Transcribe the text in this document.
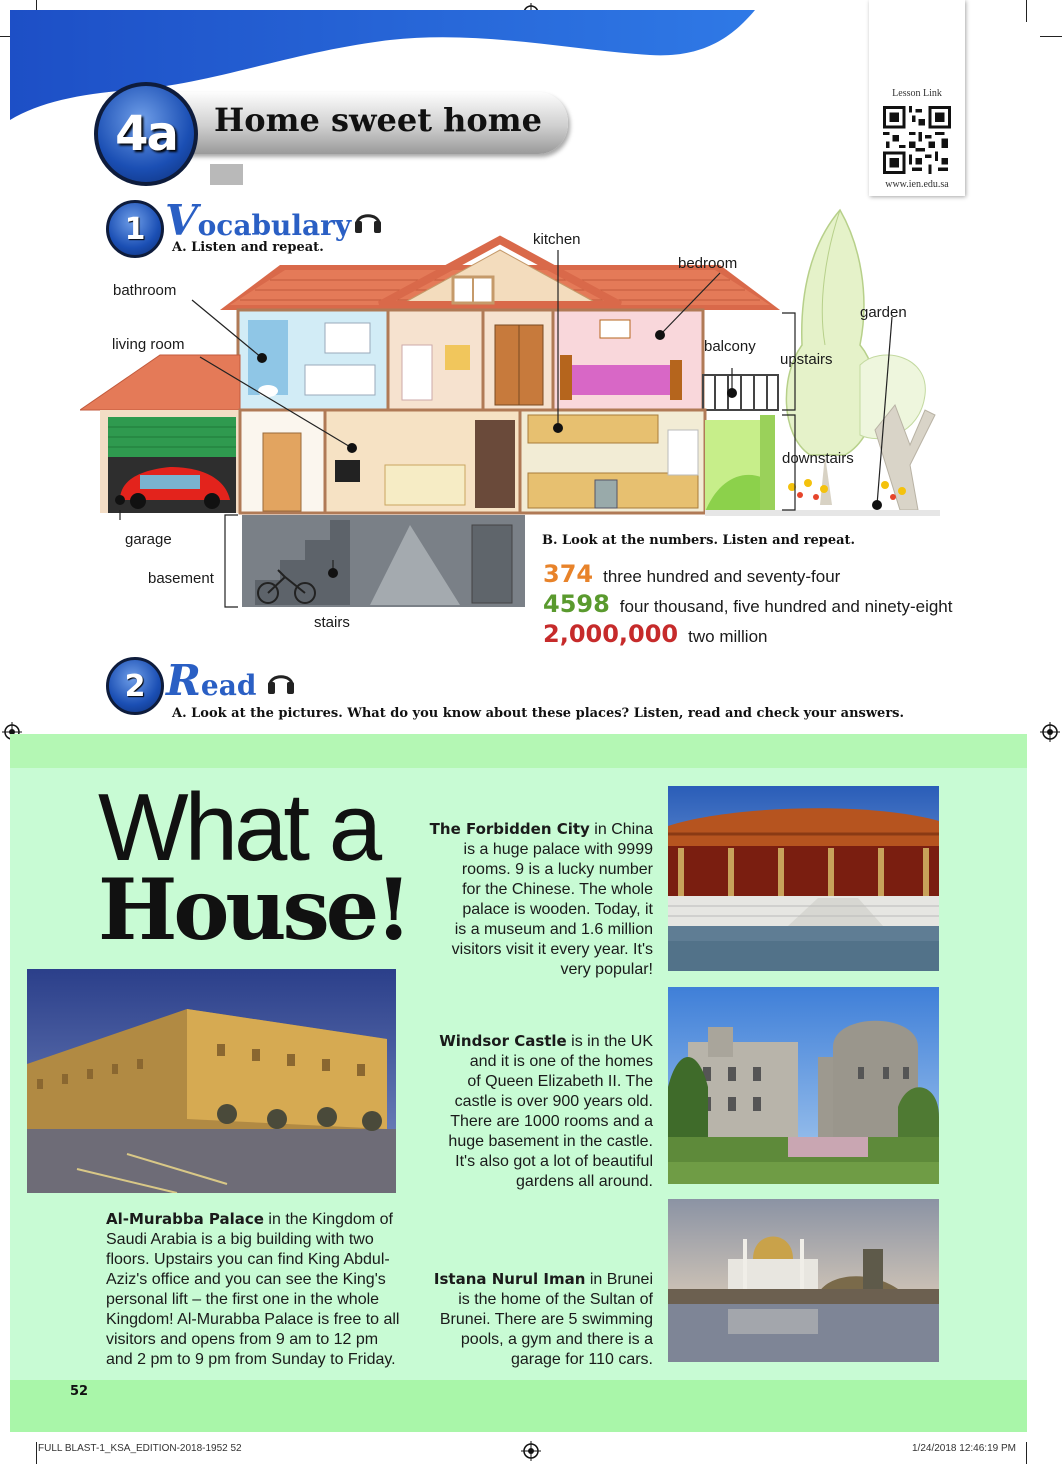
4a Home sweet home
Lesson Link
www.ien.edu.sa
1 Vocabulary
A. Listen and repeat.	kitchen
bedroom
bathroom
garden
living room	balcony
upstairs
downstairs
garage
basement
stairs
B. Look at the numbers. Listen and repeat.
374 three hundred and seventy-four
4598 four thousand, five hundred and ninety-eight
2,000,000 two million
2 Read
A. Look at the pictures. What do you know about these places? Listen, read and check your answers.
What a
House!
The Forbidden City in China
is a huge palace with 9999
rooms. 9 is a lucky number
for the Chinese. The whole
palace is wooden. Today, it
is a museum and 1.6 million
visitors visit it every year. It's
very popular!
Windsor Castle is in the UK
and it is one of the homes
of Queen Elizabeth II. The
castle is over 900 years old.
There are 1000 rooms and a
huge basement in the castle.
It's also got a lot of beautiful
gardens all around.
Al-Murabba Palace in the Kingdom of
Saudi Arabia is a big building with two
floors. Upstairs you can find King Abdul-
Aziz's office and you can see the King's
personal lift – the first one in the whole
Kingdom! Al-Murabba Palace is free to all
visitors and opens from 9 am to 12 pm
and 2 pm to 9 pm from Sunday to Friday.
Istana Nurul Iman in Brunei
is the home of the Sultan of
Brunei. There are 5 swimming
pools, a gym and there is a
garage for 110 cars.
52
FULL BLAST-1_KSA_EDITION-2018-1952 52	1/24/2018 12:46:19 PM
